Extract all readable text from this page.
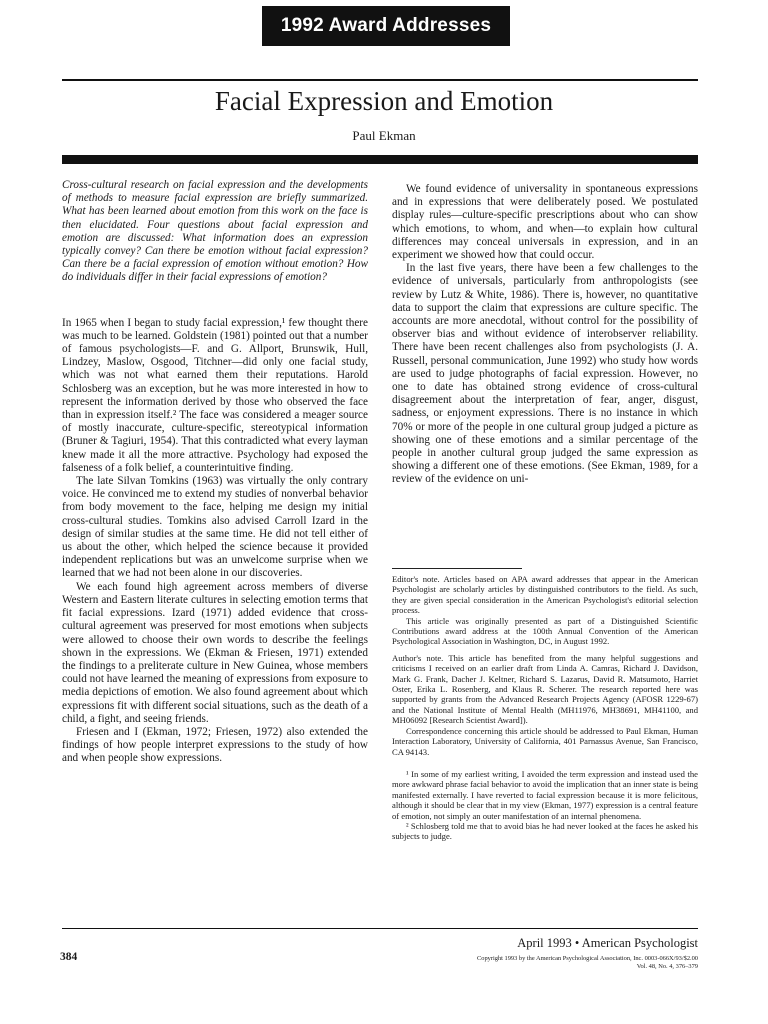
1992 Award Addresses
Facial Expression and Emotion
Paul Ekman

Cross-cultural research on facial expression and the developments of methods to measure facial expression are briefly summarized. What has been learned about emotion from this work on the face is then elucidated. Four questions about facial expression and emotion are discussed: What information does an expression typically convey? Can there be emotion without facial expression? Can there be a facial expression of emotion without emotion? How do individuals differ in their facial expressions of emotion?

In 1965 when I began to study facial expression,¹ few thought there was much to be learned. Goldstein (1981) pointed out that a number of famous psychologists—F. and G. Allport, Brunswik, Hull, Lindzey, Maslow, Osgood, Titchner—did only one facial study, which was not what earned them their reputations. Harold Schlosberg was an exception, but he was more interested in how to represent the information derived by those who observed the face than in expression itself.² The face was considered a meager source of mostly inaccurate, culture-specific, stereotypical information (Bruner & Tagiuri, 1954). That this contradicted what every layman knew made it all the more attractive. Psychology had exposed the falseness of a folk belief, a counterintuitive finding.

The late Silvan Tomkins (1963) was virtually the only contrary voice. He convinced me to extend my studies of nonverbal behavior from body movement to the face, helping me design my initial cross-cultural studies. Tomkins also advised Carroll Izard in the design of similar studies at the same time. He did not tell either of us about the other, which helped the science because it provided independent replications but was an unwelcome surprise when we learned that we had not been alone in our discoveries.

We each found high agreement across members of diverse Western and Eastern literate cultures in selecting emotion terms that fit facial expressions. Izard (1971) added evidence that cross-cultural agreement was preserved for most emotions when subjects were allowed to choose their own words to describe the feelings shown in the expressions. We (Ekman & Friesen, 1971) extended the findings to a preliterate culture in New Guinea, whose members could not have learned the meaning of expressions from exposure to media depictions of emotion. We also found agreement about which expressions fit with different social situations, such as the death of a child, a fight, and seeing friends.

Friesen and I (Ekman, 1972; Friesen, 1972) also extended the findings of how people interpret expressions to the study of how and when people show expressions.

We found evidence of universality in spontaneous expressions and in expressions that were deliberately posed. We postulated display rules—culture-specific prescriptions about who can show which emotions, to whom, and when—to explain how cultural differences may conceal universals in expression, and in an experiment we showed how that could occur.

In the last five years, there have been a few challenges to the evidence of universals, particularly from anthropologists (see review by Lutz & White, 1986). There is, however, no quantitative data to support the claim that expressions are culture specific. The accounts are more anecdotal, without control for the possibility of observer bias and without evidence of interobserver reliability. There have been recent challenges also from psychologists (J. A. Russell, personal communication, June 1992) who study how words are used to judge photographs of facial expression. However, no one to date has obtained strong evidence of cross-cultural disagreement about the interpretation of fear, anger, disgust, sadness, or enjoyment expressions. There is no instance in which 70% or more of the people in one cultural group judged a picture as showing one of these emotions and a similar percentage of the people in another cultural group judged the same expression as showing a different one of these emotions. (See Ekman, 1989, for a review of the evidence on uni-

Editor's note. Articles based on APA award addresses that appear in the American Psychologist are scholarly articles by distinguished contributors to the field. As such, they are given special consideration in the American Psychologist's editorial selection process.

This article was originally presented as part of a Distinguished Scientific Contributions award address at the 100th Annual Convention of the American Psychological Association in Washington, DC, in August 1992.

Author's note. This article has benefited from the many helpful suggestions and criticisms I received on an earlier draft from Linda A. Camras, Richard J. Davidson, Mark G. Frank, Dacher J. Keltner, Richard S. Lazarus, David R. Matsumoto, Harriet Oster, Erika L. Rosenberg, and Klaus R. Scherer. The research reported here was supported by grants from the Advanced Research Projects Agency (AFOSR 1229-67) and the National Institute of Mental Health (MH11976, MH38691, MH41100, and MH06092 [Research Scientist Award]).

Correspondence concerning this article should be addressed to Paul Ekman, Human Interaction Laboratory, University of California, 401 Parnassus Avenue, San Francisco, CA 94143.

¹ In some of my earliest writing, I avoided the term expression and instead used the more awkward phrase facial behavior to avoid the implication that an inner state is being manifested externally. I have reverted to facial expression because it is more felicitous, although it should be clear that in my view (Ekman, 1977) expression is a central feature of emotion, not simply an outer manifestation of an internal phenomena.

² Schlosberg told me that to avoid bias he had never looked at the faces he asked his subjects to judge.

384
April 1993 • American Psychologist
Copyright 1993 by the American Psychological Association, Inc. 0003-066X/93/$2.00
Vol. 48, No. 4, 376–379
